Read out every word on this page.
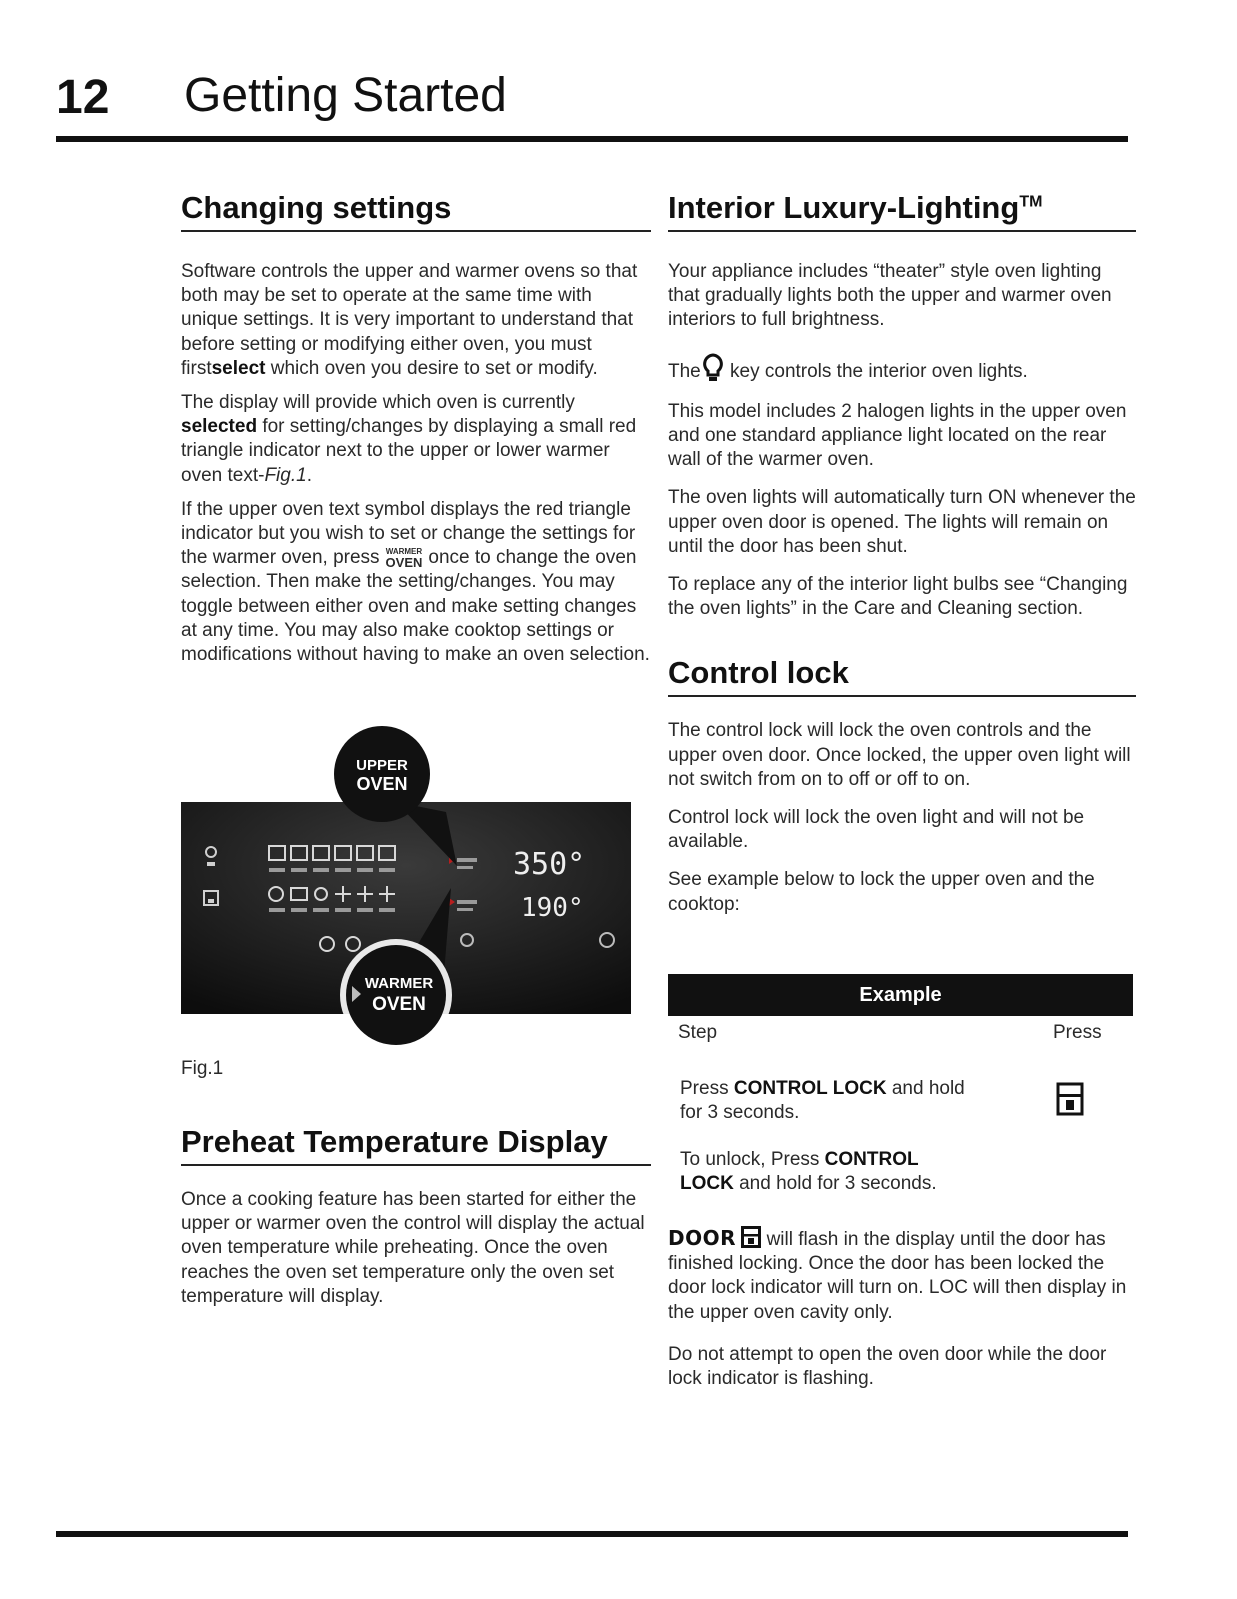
12 Getting Started
Changing settings

Software controls the upper and warmer ovens so that both may be set to operate at the same time with unique settings. It is very important to understand that before setting or modifying either oven, you must firstselect which oven you desire to set or modify.

The display will provide which oven is currently selected for setting/changes by displaying a small red triangle indicator next to the upper or lower warmer oven text-Fig.1.

If the upper oven text symbol displays the red triangle indicator but you wish to set or change the settings for the warmer oven, press WARMER
OVEN once to change the oven selection. Then make the setting/changes. You may toggle between either oven and make setting changes at any time. You may also make cooktop settings or modifications without having to make an oven selection.

350°
190°
UPPER
OVEN
WARMER
OVEN
Fig.1
Preheat Temperature Display

Once a cooking feature has been started for either the upper or warmer oven the control will display the actual oven temperature while preheating. Once the oven reaches the oven set temperature only the oven set temperature will display.

Interior Luxury-Lighting™

Your appliance includes “theater” style oven lighting that gradually lights both the upper and warmer oven interiors to full brightness.

The key controls the interior oven lights.

This model includes 2 halogen lights in the upper oven and one standard appliance light located on the rear wall of the warmer oven.

The oven lights will automatically turn ON whenever the upper oven door is opened. The lights will remain on until the door has been shut.

To replace any of the interior light bulbs see “Changing the oven lights” in the Care and Cleaning section.

Control lock

The control lock will lock the oven controls and the upper oven door. Once locked, the upper oven light will not switch from on to off or off to on.

Control lock will lock the oven light and will not be available.

See example below to lock the upper oven and the cooktop:

Example
Step	Press

Press CONTROL LOCK and hold for 3 seconds.

To unlock, Press CONTROL
LOCK and hold for 3 seconds.

DOOR  will flash in the display until the door has finished locking. Once the door has been locked the door lock indicator will turn on. LOC will then display in the upper oven cavity only.

Do not attempt to open the oven door while the door lock indicator is flashing.
